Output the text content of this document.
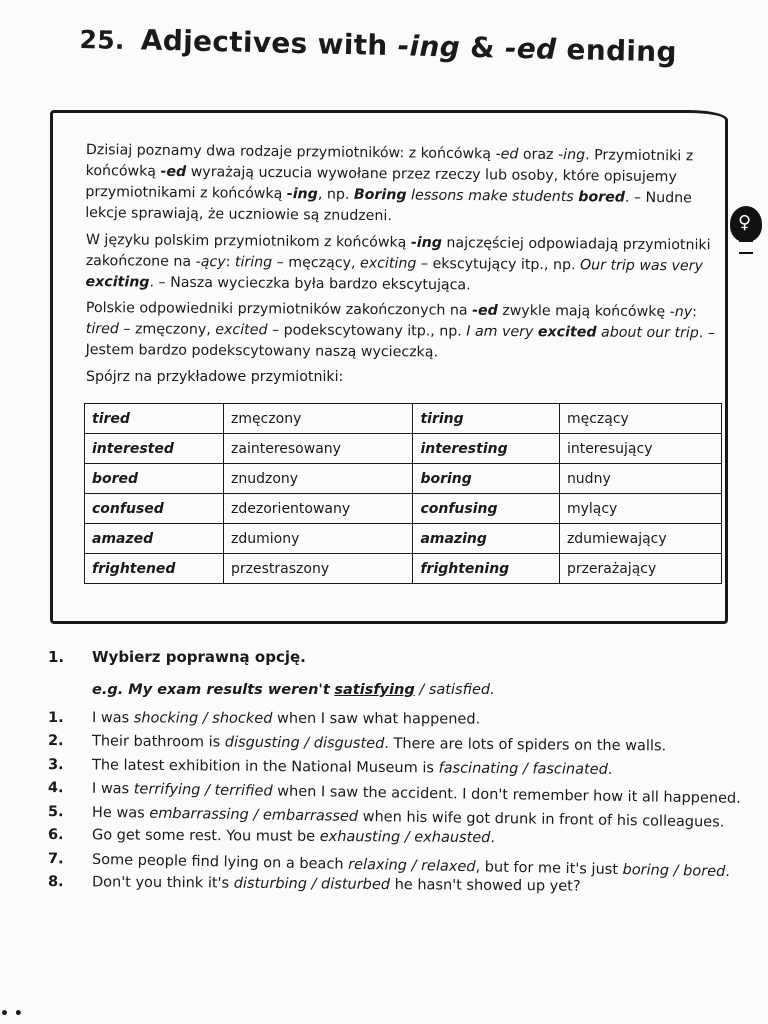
25. Adjectives with -ing & -ed ending
Dzisiaj poznamy dwa rodzaje przymiotników: z końcówką -ed oraz -ing. Przymiotniki z końcówką -ed wyrażają uczucia wywołane przez rzeczy lub osoby, które opisujemy przymiotnikami z końcówką -ing, np. Boring lessons make students bored. – Nudne lekcje sprawiają, że uczniowie są znudzeni.
W języku polskim przymiotnikom z końcówką -ing najczęściej odpowiadają przymiotniki zakończone na -ący: tiring – męczący, exciting – ekscytujący itp., np. Our trip was very exciting. – Nasza wycieczka była bardzo ekscytująca.
Polskie odpowiedniki przymiotników zakończonych na -ed zwykle mają końcówkę -ny: tired – zmęczony, excited – podekscytowany itp., np. I am very excited about our trip. – Jestem bardzo podekscytowany naszą wycieczką.
Spójrz na przykładowe przymiotniki:
tired	zmęczony	tiring	męczący
interested	zainteresowany	interesting	interesujący
bored	znudzony	boring	nudny
confused	zdezorientowany	confusing	mylący
amazed	zdumiony	amazing	zdumiewający
frightened	przestraszony	frightening	przerażający
♀
1. Wybierz poprawną opcję.
e.g. My exam results weren't satisfying / satisfied.
1. I was shocking / shocked when I saw what happened.
2. Their bathroom is disgusting / disgusted. There are lots of spiders on the walls.
3. The latest exhibition in the National Museum is fascinating / fascinated.
4. I was terrifying / terrified when I saw the accident. I don't remember how it all happened.
5. He was embarrassing / embarrassed when his wife got drunk in front of his colleagues.
6. Go get some rest. You must be exhausting / exhausted.
7. Some people find lying on a beach relaxing / relaxed, but for me it's just boring / bored.
8. Don't you think it's disturbing / disturbed he hasn't showed up yet?
• •
